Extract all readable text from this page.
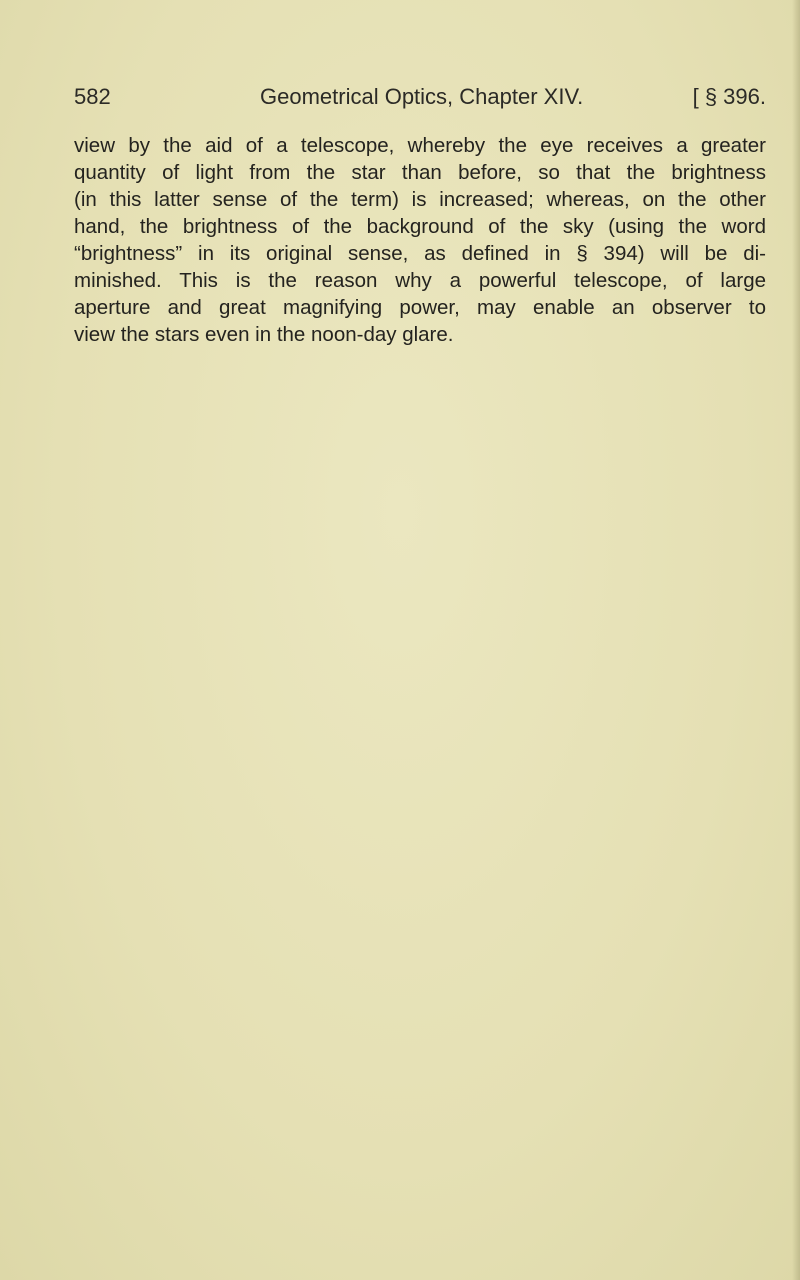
582	Geometrical Optics, Chapter XIV.	[ § 396.
view by the aid of a telescope, whereby the eye receives a greater
quantity of light from the star than before, so that the brightness
(in this latter sense of the term) is increased; whereas, on the other
hand, the brightness of the background of the sky (using the word
“brightness” in its original sense, as defined in § 394) will be di-
minished. This is the reason why a powerful telescope, of large
aperture and great magnifying power, may enable an observer to
view the stars even in the noon-day glare.
